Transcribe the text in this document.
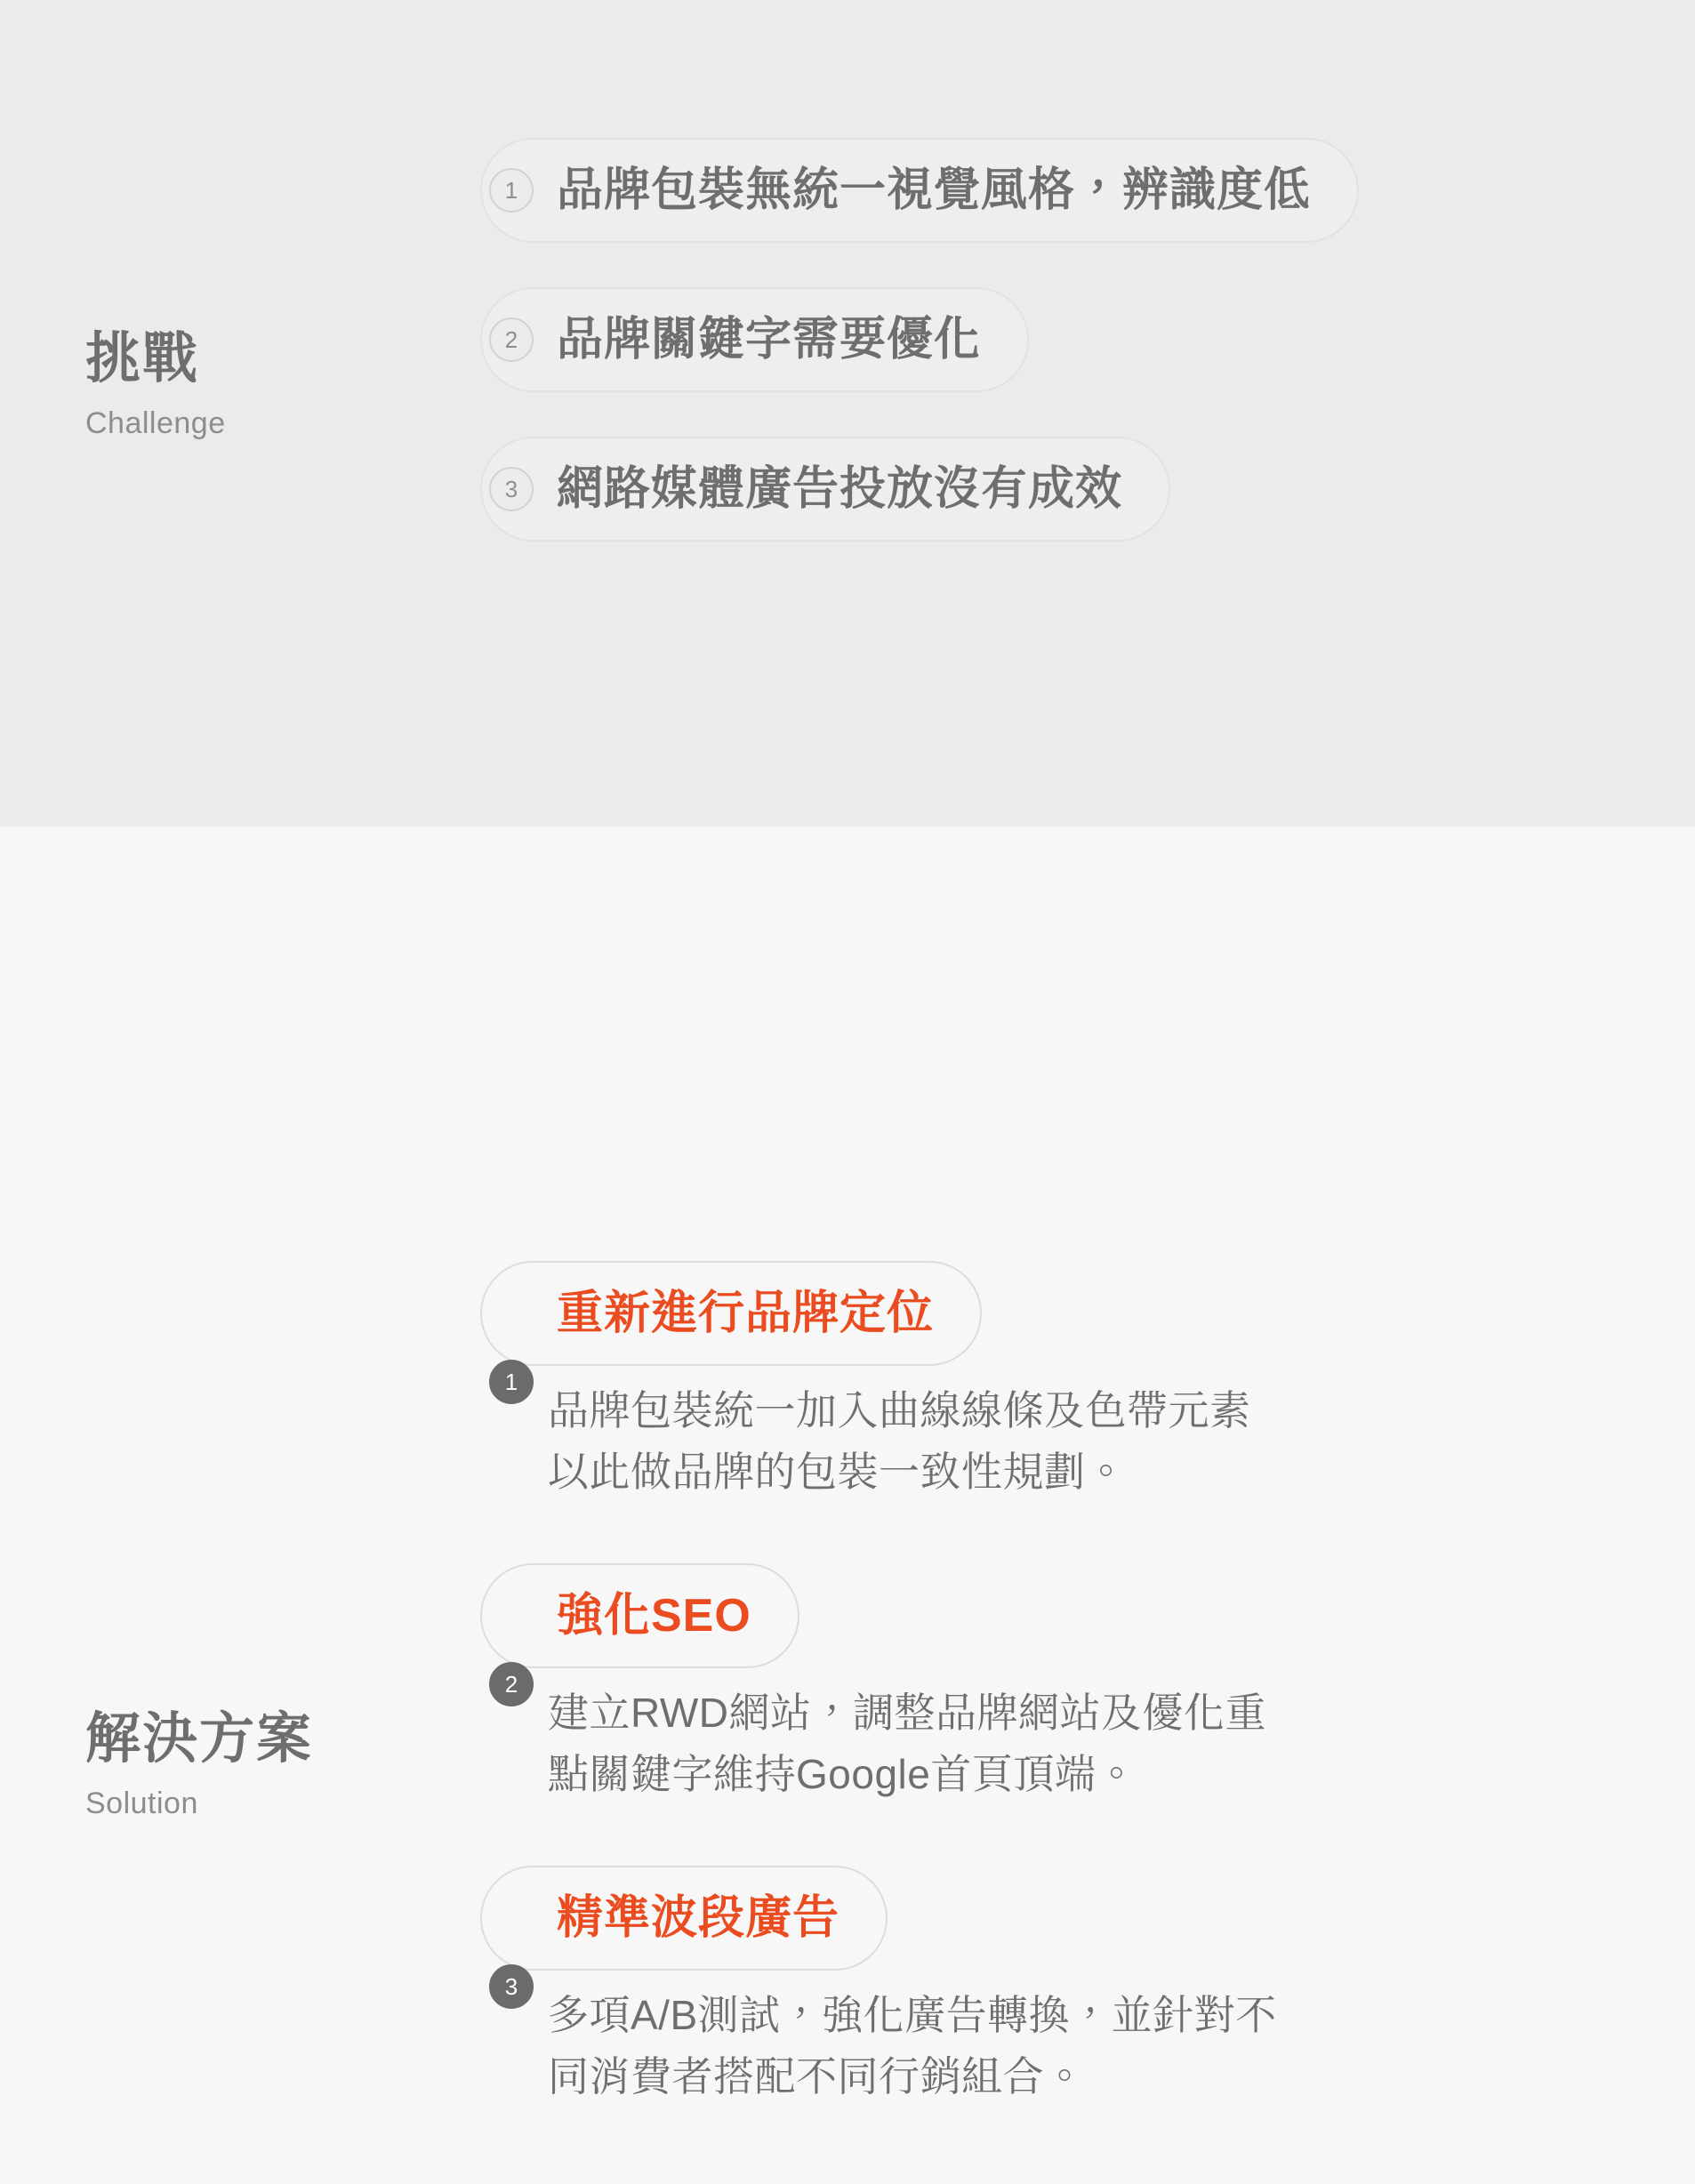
挑戰
Challenge
1 品牌包裝無統一視覺風格，辨識度低
2 品牌關鍵字需要優化
3 網路媒體廣告投放沒有成效
解決方案
Solution
1
重新進行品牌定位
品牌包裝統一加入曲線線條及色帶元素
以此做品牌的包裝一致性規劃。
2
強化SEO
建立RWD網站，調整品牌網站及優化重
點關鍵字維持Google首頁頂端。
3
精準波段廣告
多項A/B測試，強化廣告轉換，並針對不
同消費者搭配不同行銷組合。
